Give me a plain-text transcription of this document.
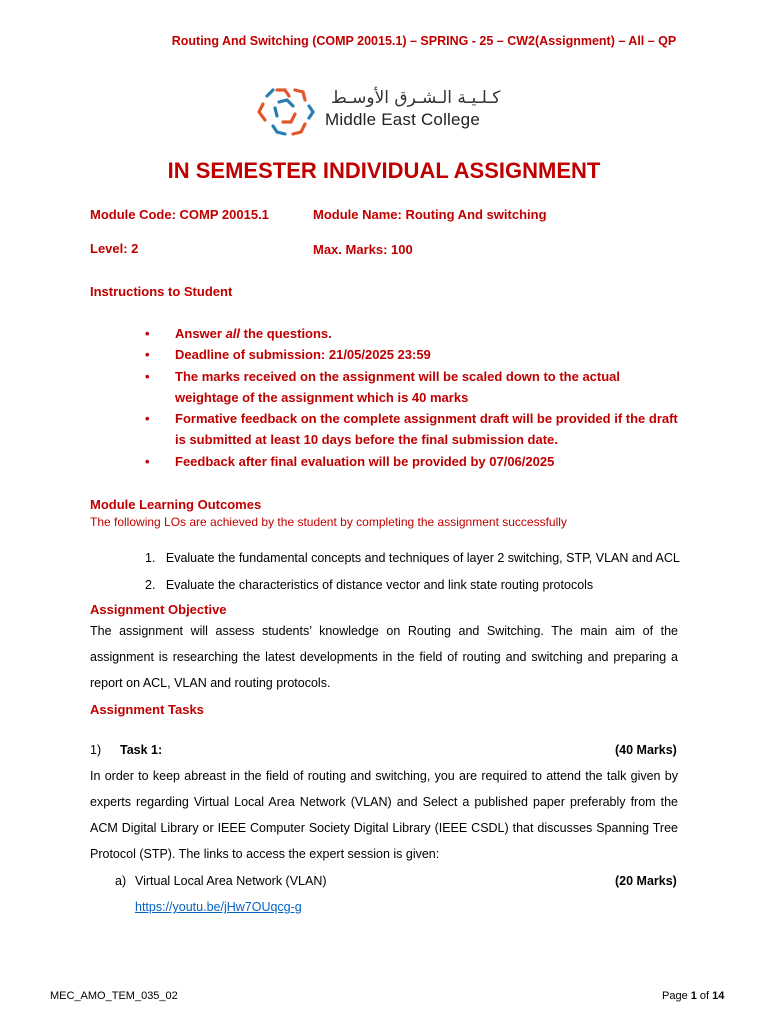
Routing And Switching (COMP 20015.1) – SPRING - 25 – CW2(Assignment) – All – QP
كـلـيـة الـشـرق الأوسـط
Middle East College
IN SEMESTER INDIVIDUAL ASSIGNMENT
Module Code: COMP 20015.1	Module Name: Routing And switching
Level: 2	Max. Marks: 100
Instructions to Student
• Answer all the questions.
• Deadline of submission: 21/05/2025 23:59
• The marks received on the assignment will be scaled down to the actual weightage of the assignment which is 40 marks
• Formative feedback on the complete assignment draft will be provided if the draft is submitted at least 10 days before the final submission date.
• Feedback after final evaluation will be provided by 07/06/2025
Module Learning Outcomes
The following LOs are achieved by the student by completing the assignment successfully
1. Evaluate the fundamental concepts and techniques of layer 2 switching, STP, VLAN and ACL
2. Evaluate the characteristics of distance vector and link state routing protocols
Assignment Objective
The assignment will assess students’ knowledge on Routing and Switching. The main aim of the assignment is researching the latest developments in the field of routing and switching and preparing a report on ACL, VLAN and routing protocols.
Assignment Tasks
1) Task 1:	(40 Marks)
In order to keep abreast in the field of routing and switching, you are required to attend the talk given by experts regarding Virtual Local Area Network (VLAN) and Select a published paper preferably from the ACM Digital Library or IEEE Computer Society Digital Library (IEEE CSDL) that discusses Spanning Tree Protocol (STP). The links to access the expert session is given:
a) Virtual Local Area Network (VLAN)	(20 Marks)
https://youtu.be/jHw7OUqcg-g
MEC_AMO_TEM_035_02	Page 1 of 14
